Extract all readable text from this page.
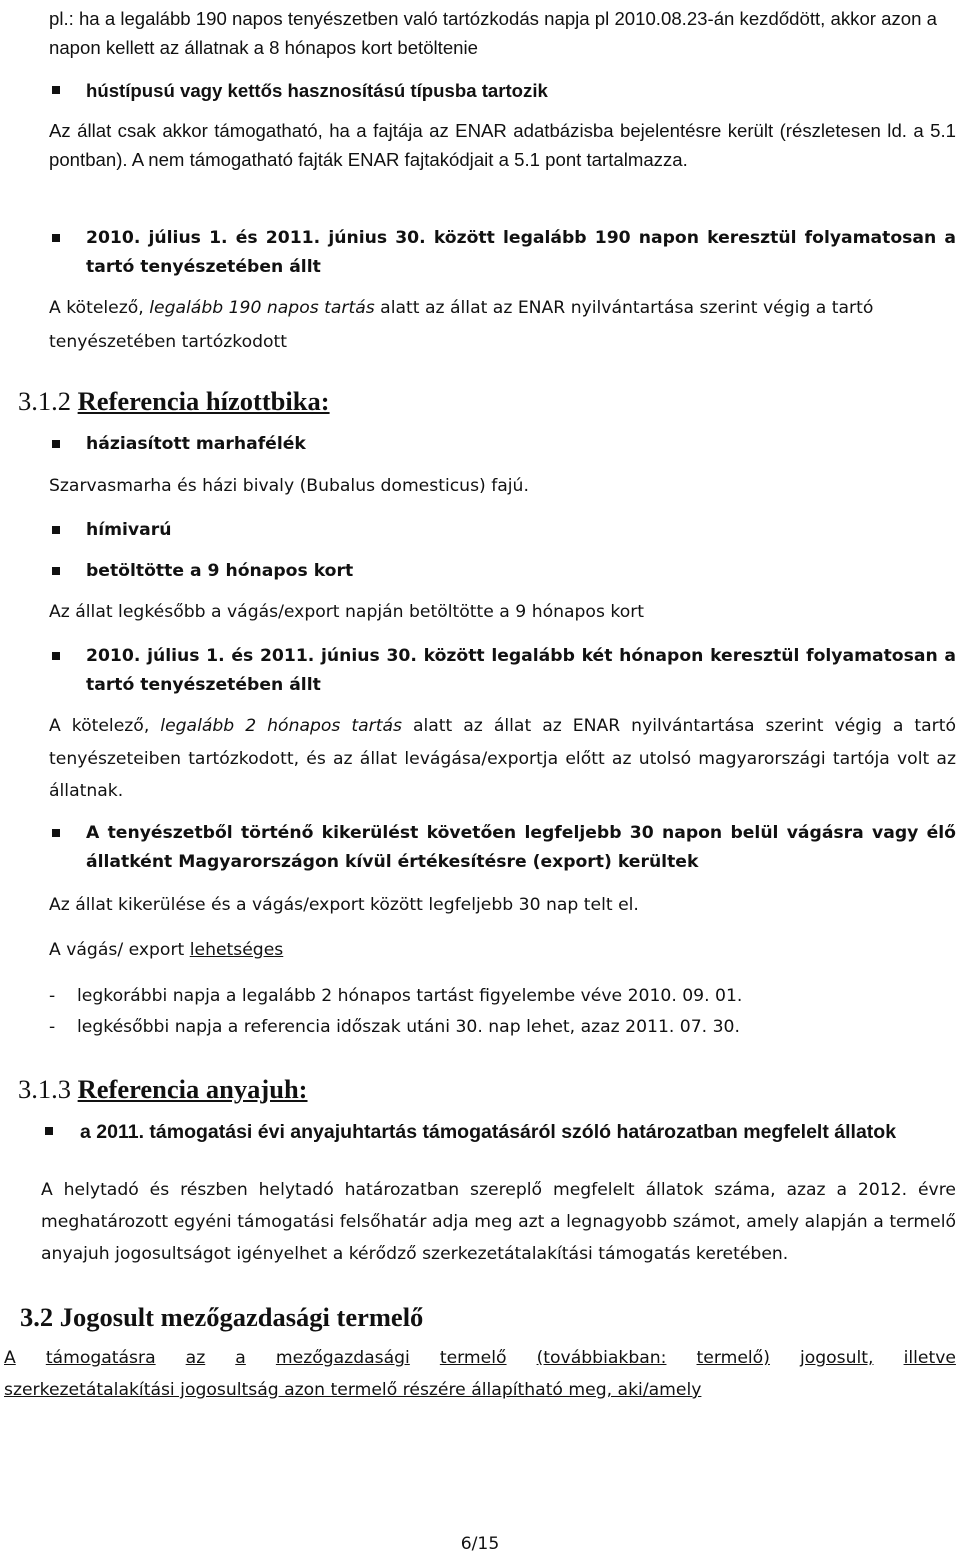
pl.: ha a legalább 190 napos tenyészetben való tartózkodás napja pl 2010.08.23-án kezdődött, akkor azon a napon kellett az állatnak a 8 hónapos kort betöltenie
hústípusú vagy kettős hasznosítású típusba tartozik
Az állat csak akkor támogatható, ha a fajtája az ENAR adatbázisba bejelentésre került (részletesen ld. a 5.1 pontban). A nem támogatható fajták ENAR fajtakódjait a 5.1 pont tartalmazza.
2010. július 1. és 2011. június 30. között legalább 190 napon keresztül folyamatosan a tartó tenyészetében állt
A kötelező, legalább 190 napos tartás alatt az állat az ENAR nyilvántartása szerint végig a tartó tenyészetében tartózkodott
3.1.2 Referencia hízottbika:
háziasított marhafélék
Szarvasmarha és házi bivaly (Bubalus domesticus) fajú.
hímivarú
betöltötte a 9 hónapos kort
Az állat legkésőbb a vágás/export napján betöltötte a 9 hónapos kort
2010. július 1. és 2011. június 30. között legalább két hónapon keresztül folyamatosan a tartó tenyészetében állt
A kötelező, legalább 2 hónapos tartás alatt az állat az ENAR nyilvántartása szerint végig a tartó tenyészeteiben tartózkodott, és az állat levágása/exportja előtt az utolsó magyarországi tartója volt az állatnak.
A tenyészetből történő kikerülést követően legfeljebb 30 napon belül vágásra vagy élő állatként Magyarországon kívül értékesítésre (export) kerültek
Az állat kikerülése és a vágás/export között legfeljebb 30 nap telt el.
A vágás/ export lehetséges
- legkorábbi napja a legalább 2 hónapos tartást figyelembe véve 2010. 09. 01.
- legkésőbbi napja a referencia időszak utáni 30. nap lehet, azaz 2011. 07. 30.
3.1.3 Referencia anyajuh:
a 2011. támogatási évi anyajuhtartás támogatásáról szóló határozatban megfelelt állatok
A helytadó és részben helytadó határozatban szereplő megfelelt állatok száma, azaz a 2012. évre meghatározott egyéni támogatási felsőhatár adja meg azt a legnagyobb számot, amely alapján a termelő anyajuh jogosultságot igényelhet a kérődző szerkezetátalakítási támogatás keretében.
3.2 Jogosult mezőgazdasági termelő
A támogatásra az a mezőgazdasági termelő (továbbiakban: termelő) jogosult, illetve
szerkezetátalakítási jogosultság azon termelő részére állapítható meg, aki/amely
6/15
